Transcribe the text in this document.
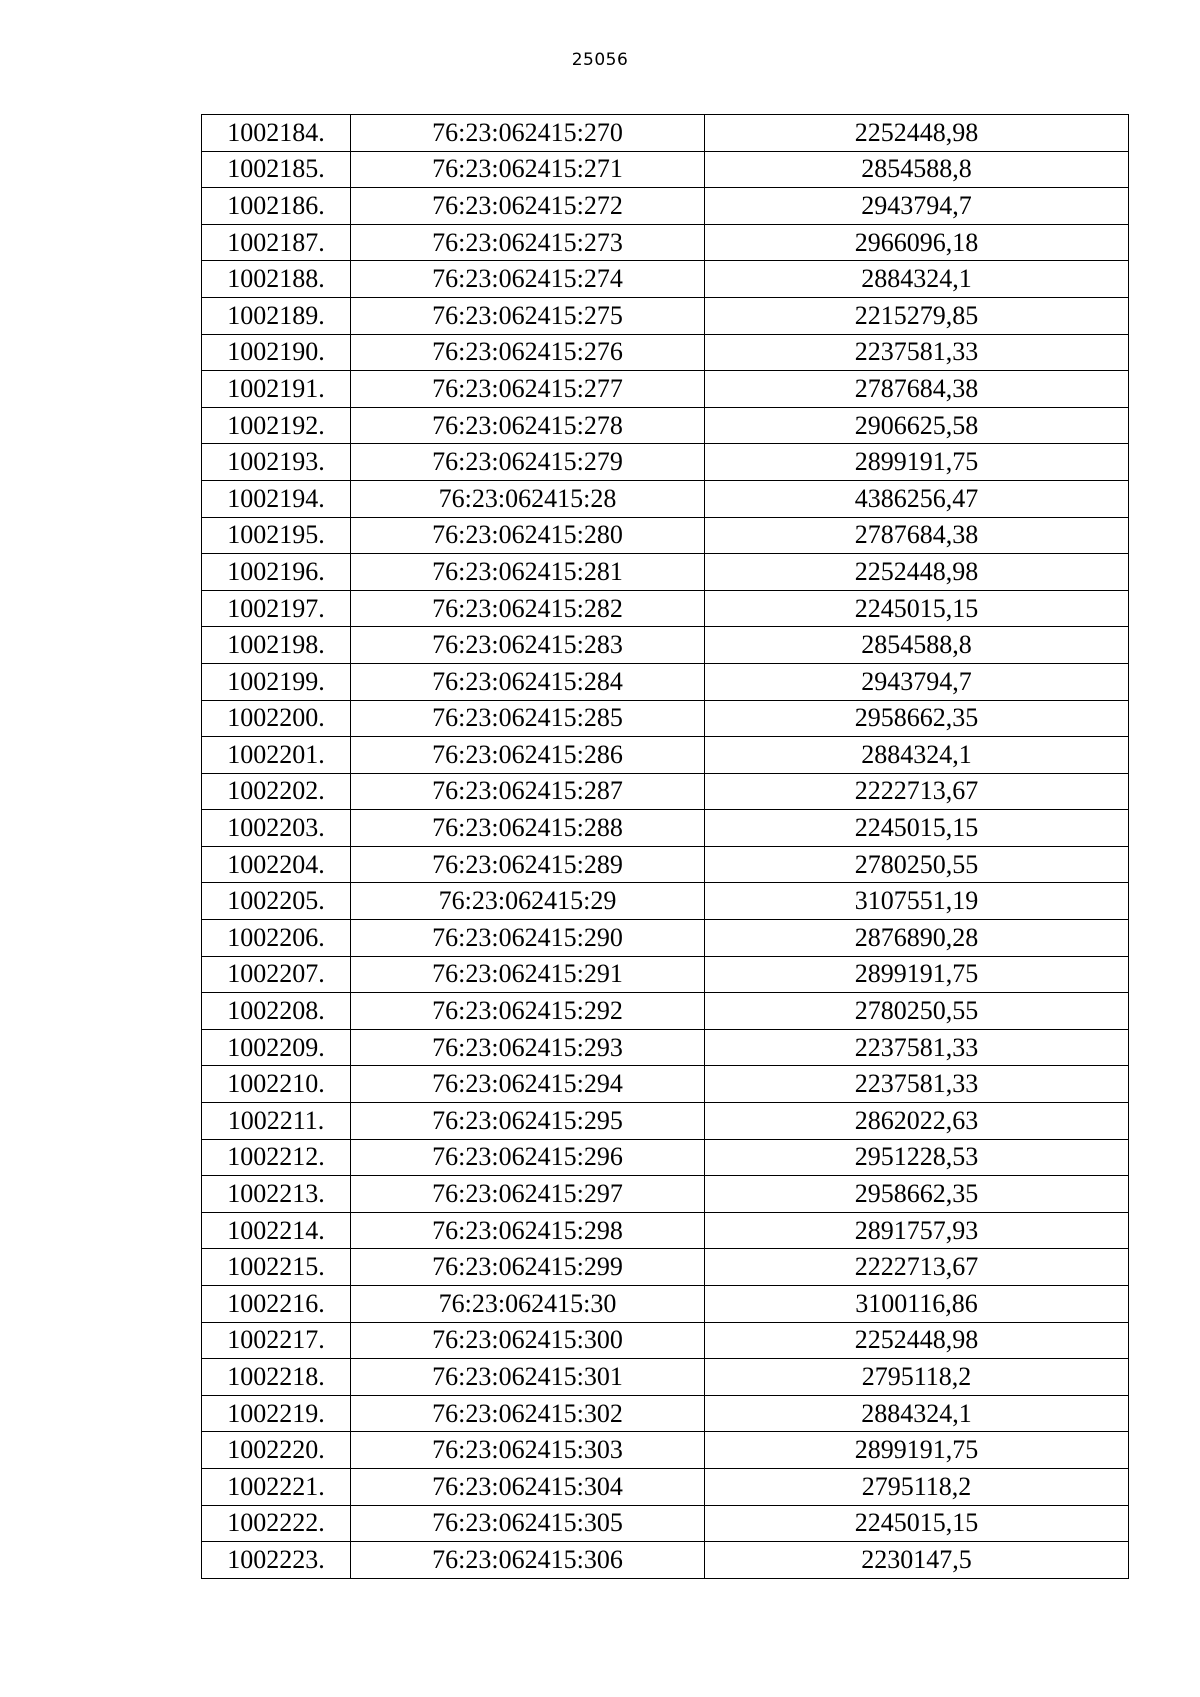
25056
1002184.	76:23:062415:270	2252448,98
1002185.	76:23:062415:271	2854588,8
1002186.	76:23:062415:272	2943794,7
1002187.	76:23:062415:273	2966096,18
1002188.	76:23:062415:274	2884324,1
1002189.	76:23:062415:275	2215279,85
1002190.	76:23:062415:276	2237581,33
1002191.	76:23:062415:277	2787684,38
1002192.	76:23:062415:278	2906625,58
1002193.	76:23:062415:279	2899191,75
1002194.	76:23:062415:28	4386256,47
1002195.	76:23:062415:280	2787684,38
1002196.	76:23:062415:281	2252448,98
1002197.	76:23:062415:282	2245015,15
1002198.	76:23:062415:283	2854588,8
1002199.	76:23:062415:284	2943794,7
1002200.	76:23:062415:285	2958662,35
1002201.	76:23:062415:286	2884324,1
1002202.	76:23:062415:287	2222713,67
1002203.	76:23:062415:288	2245015,15
1002204.	76:23:062415:289	2780250,55
1002205.	76:23:062415:29	3107551,19
1002206.	76:23:062415:290	2876890,28
1002207.	76:23:062415:291	2899191,75
1002208.	76:23:062415:292	2780250,55
1002209.	76:23:062415:293	2237581,33
1002210.	76:23:062415:294	2237581,33
1002211.	76:23:062415:295	2862022,63
1002212.	76:23:062415:296	2951228,53
1002213.	76:23:062415:297	2958662,35
1002214.	76:23:062415:298	2891757,93
1002215.	76:23:062415:299	2222713,67
1002216.	76:23:062415:30	3100116,86
1002217.	76:23:062415:300	2252448,98
1002218.	76:23:062415:301	2795118,2
1002219.	76:23:062415:302	2884324,1
1002220.	76:23:062415:303	2899191,75
1002221.	76:23:062415:304	2795118,2
1002222.	76:23:062415:305	2245015,15
1002223.	76:23:062415:306	2230147,5
